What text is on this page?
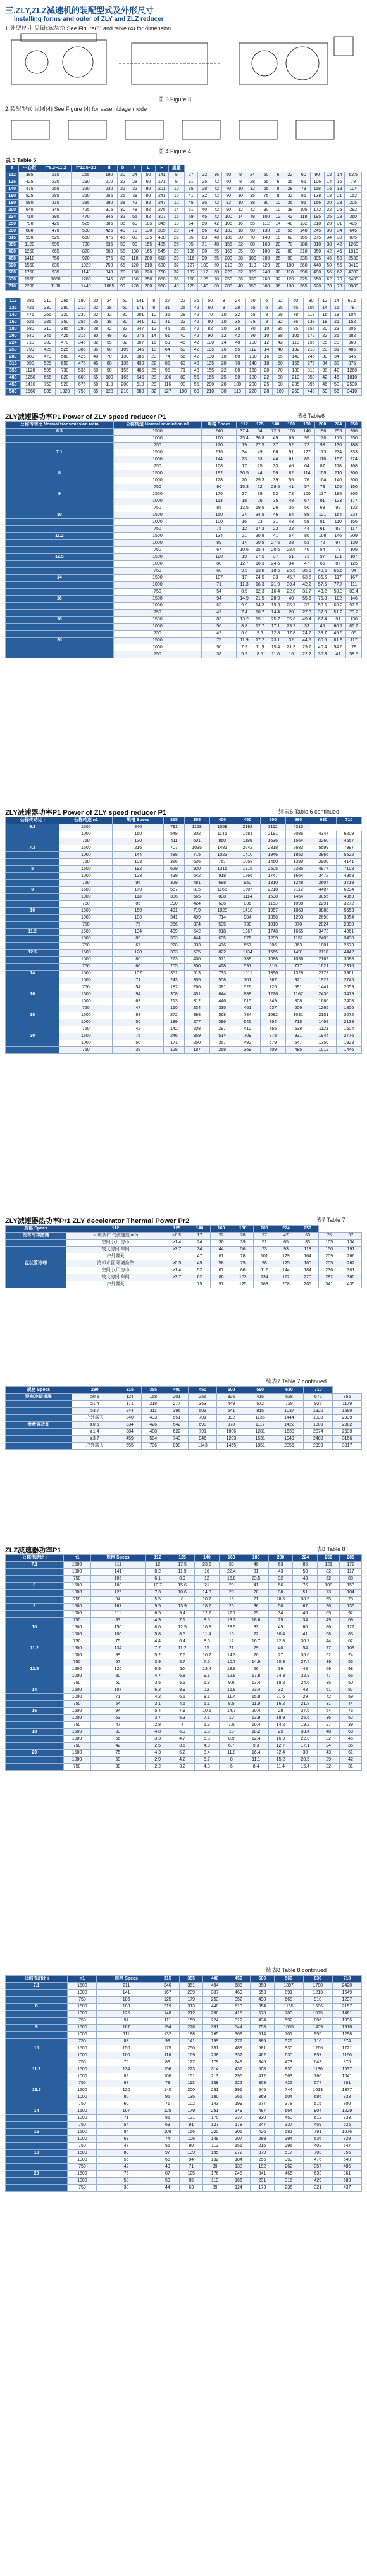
三.ZLY,ZLZ减速机的装配型式及外形尺寸
Installing forms and outer of ZLY and ZLZ reducer
1.外型尺寸 见图(3)表(5) See Figure(3) and table (4) for dimension
图 3 Figure 3
2.装配型式 见图(4) See Figure (4) for assemblage mode
图 4 Figure 4
表 5 Table 5
a	中心距	i=6.3~11.2	i=12.5~20	d	b	t	L	H	重量														
112	385	210	265	190	20	24	50	141	8	27	22	36	50	8	24	50	6	22	60	90	12	14	62.5
125	425	230	290	210	22	28	60	171	8	31	25	42	60	8	28	55	6	25	65	106	14	16	78
140	475	255	320	230	22	32	80	201	10	35	28	42	70	10	32	65	8	28	78	118	16	18	104
160	525	285	350	255	25	38	80	241	10	41	32	42	80	10	35	75	8	32	86	138	18	21	152
180	580	310	385	280	28	42	82	247	12	45	35	42	82	10	38	80	10	35	95	156	20	23	205
200	640	345	425	315	30	48	82	275	14	51	40	42	90	12	42	90	10	38	105	172	22	25	282
224	710	380	470	345	32	55	82	307	16	59	45	42	100	14	48	100	12	42	118	195	25	28	360
250	790	425	525	385	35	60	105	345	18	64	50	42	105	16	55	112	14	48	132	218	28	31	485
280	880	470	580	425	40	70	130	385	20	74	56	42	130	18	60	130	16	55	148	245	30	34	645
315	990	525	650	475	45	80	135	430	22	85	63	48	135	20	70	140	18	60	165	275	34	38	875
355	1120	595	730	535	50	90	155	485	25	95	71	48	155	22	80	160	20	70	188	310	38	42	1260
400	1250	665	820	600	55	100	165	545	28	106	80	55	165	25	90	180	22	80	210	350	42	46	1810
450	1410	750	920	675	60	110	200	610	28	116	90	55	200	28	100	200	25	90	235	395	46	50	2530
500	1560	835	1020	750	65	120	210	680	32	127	100	60	210	30	110	220	28	100	260	440	50	56	3410
560	1750	935	1140	840	70	130	220	760	32	137	112	60	220	32	120	240	30	110	290	490	56	62	4700
630	1960	1050	1280	945	80	150	250	850	36	158	125	70	250	36	130	260	32	120	325	550	62	70	6400
710	2200	1180	1440	1065	90	170	280	960	40	179	140	80	280	40	150	300	36	130	365	620	70	78	9000
112	385	210	265	190	20	24	50	141	8	27	22	36	50	8	24	50	6	22	60	90	12	14	62.5
125	425	230	290	210	22	28	60	171	8	31	25	42	60	8	28	55	6	25	65	106	14	16	78
140	475	255	320	230	22	32	80	201	10	35	28	42	70	10	32	65	8	28	78	118	16	18	104
160	525	285	350	255	25	38	80	241	10	41	32	42	80	10	35	75	8	32	86	138	18	21	152
180	580	310	385	280	28	42	82	247	12	45	35	42	82	10	38	80	10	35	95	156	20	23	205
200	640	345	425	315	30	48	82	275	14	51	40	42	90	12	42	90	10	38	105	172	22	25	282
224	710	380	470	345	32	55	82	307	16	59	45	42	100	14	48	100	12	42	118	195	25	28	360
250	790	425	525	385	35	60	105	345	18	64	50	42	105	16	55	112	14	48	132	218	28	31	485
280	880	470	580	425	40	70	130	385	20	74	56	42	130	18	60	130	16	55	148	245	30	34	645
315	990	525	650	475	45	80	135	430	22	85	63	48	135	20	70	140	18	60	165	275	34	38	875
355	1120	595	730	535	50	90	155	485	25	95	71	48	155	22	80	160	20	70	188	310	38	42	1260
400	1250	665	820	600	55	100	165	545	28	106	80	55	165	25	90	180	22	80	210	350	42	46	1810
450	1410	750	920	675	60	110	200	610	28	116	90	55	200	28	100	200	25	90	235	395	46	50	2530
500	1560	835	1020	750	65	120	210	680	32	127	100	60	210	30	110	220	28	100	260	440	50	56	3410
ZLY减速器功率P1 Power of ZLY speed reducer P1	表6 Table6
公称传动比 Normal transmission ratio	公称转速 Normal revolution n1	规格 Specs	112	125	140	160	180	200	224	250
6.3	1500	240	37.4	54	72.5	100	140	190	255	366
	1000	160	25.4	36.8	49	69	95	130	175	250
	750	120	19	27.5	37	52	72	98	130	188
7.1	1500	216	34	49	66	91	127	173	234	333
	1000	144	23	33	44	61	85	116	157	224
	750	108	17	25	33	46	64	87	118	168
8	1500	192	30.5	44	59	82	114	155	210	300
	1000	128	20	29.3	39	55	76	104	140	200
	750	96	15.3	22	29.5	41	57	78	105	150
9	1500	170	27	39	52	72	100	137	185	265
	1000	113	18	26	35	48	67	91	123	177
	750	85	13.5	19.5	26	36	50	68	92	132
10	1500	150	24	34.5	46	64	89	121	164	234
	1000	100	16	23	31	43	59	81	110	156
	750	75	12	17.3	23	32	44	61	82	117
11.2	1500	134	21	30.8	41	57	80	108	146	209
	1000	89	14	20.5	27.5	38	53	72	97	139
	750	67	10.6	15.4	20.6	28.6	40	54	73	105
12.5	1500	120	19	27.5	37	51	71	97	131	187
	1000	80	12.7	18.3	24.6	34	47	65	87	125
	750	60	9.5	13.8	18.5	25.6	35.6	48.5	65.6	94
14	1500	107	17	24.5	33	45.7	63.5	86.6	117	167
	1000	71	11.3	16.3	21.9	30.4	42.2	57.5	77.7	111
	750	54	8.5	12.3	16.4	22.8	31.7	43.2	58.3	83.4
16	1500	94	14.9	21.5	28.9	40	55.6	75.8	102	146
	1000	63	9.9	14.3	19.3	26.7	37	50.5	68.2	97.6
	750	47	7.4	10.7	14.4	20	27.8	37.9	51.2	73.2
18	1500	83	13.2	19.1	25.7	35.6	49.4	67.4	91	130
	1000	56	8.8	12.7	17.1	23.7	33	45	60.7	86.7
	750	42	6.6	9.5	12.8	17.8	24.7	33.7	45.5	65
20	1500	75	11.9	17.2	23.1	32	44.5	60.6	81.9	117
	1000	50	7.9	11.5	15.4	21.3	29.7	40.4	54.6	78
	750	38	5.9	8.6	11.6	16	22.2	30.3	41	58.5
ZLY减速器功率P1 Power of ZLY speed reducer P1	续表6 Table 6 continued
公称传动比 i	公称转速 n1	规格 Specs	315	355	400	450	500	560	630	710
6.3	1500	240	791	1158	1559	2192	3112	4310		
	1000	160	548	802	1146	1581	2181	2085	4347	6209
	750	120	411	601	860	1186	1636	1564	3260	4657
7.1	1500	216	707	1035	1481	2042	2818	2683	5599	7997
	1000	144	488	715	1023	1410	1946	1853	3866	5522
	750	108	366	536	767	1058	1460	1390	2900	4141
8	1500	192	629	920	1316	1815	2505	2385	4977	7108
	1000	128	439	642	918	1266	1747	1664	3472	4958
	750	96	329	481	688	950	1310	1248	2604	3719
9	1500	170	557	815	1165	1607	2218	2112	4407	6294
	1000	113	386	565	808	1114	1538	1464	3055	4363
	750	85	290	424	606	836	1153	1098	2291	3272
10	1500	150	491	719	1028	1418	1957	1863	3888	5553
	1000	100	341	499	714	984	1358	1293	2698	3854
	750	75	256	374	535	738	1019	970	2024	2890
11.2	1500	134	439	642	918	1267	1748	1665	3473	4961
	1000	89	303	444	635	876	1209	1151	2402	3430
	750	67	228	333	476	657	906	863	1801	2573
12.5	1500	120	393	575	822	1134	1565	1491	3110	4442
	1000	80	273	400	571	788	1088	1036	2162	3088
	750	60	205	300	428	591	816	777	1621	2316
14	1500	107	351	513	733	1011	1396	1329	2773	3961
	1000	71	243	355	508	701	967	921	1922	2745
	750	54	182	266	381	526	725	691	1441	2059
16	1500	94	308	451	644	888	1226	1167	2436	3479
	1000	63	213	312	446	615	849	808	1686	2408
	750	47	160	234	335	461	637	606	1265	1806
18	1500	83	272	398	568	784	1082	1031	2151	3072
	1000	56	189	277	396	546	754	718	1498	2139
	750	42	142	208	297	410	565	538	1123	1604
20	1500	75	246	359	514	709	978	931	1944	2776
	1000	50	171	250	357	492	679	647	1350	1928
	750	38	128	187	268	369	509	485	1012	1446
ZLY减速器热功率Pr1 ZLY decelerator Thermal Power Pr2	表7 Table 7
规格 Specs	112	125	140	160	180	200	224	250		
没有冷却措施	环境条件 气流速度 m/s	≥0.5	17	22	28	37	47	60	76	97
	空间小,厂房小	≥1.4	24	30	39	51	65	83	105	134
	较大房间,车间	≥3.7	34	44	56	73	93	118	150	191
	户外露天		47	61	78	101	129	164	209	266
盘状管冷却	冷却水管 环境条件	≥0.5	45	58	75	98	125	160	205	262
	空间小,厂房小	≥1.4	52	67	86	112	144	184	236	301
	较大房间,车间	≥3.7	62	80	103	134	172	220	282	360
	户外露天		75	97	125	163	208	266	341	435
续表7 Table 7 continued
规格 Specs	280	315	355	400	450	500	560	630	710	
没有冷却措施	≥0.5	124	158	201	256	326	415	528	672	855
	≥1.4	171	218	277	353	449	572	728	926	1179
	≥3.7	244	311	396	503	641	815	1037	1320	1680
	户外露天	340	433	551	701	892	1135	1444	1838	2339
盘状管冷却	≥0.5	334	426	542	690	878	1117	1422	1809	2302
	≥1.4	384	488	622	791	1006	1281	1630	2074	2639
	≥3.7	459	584	743	946	1203	1531	1949	2480	3156
	户外露天	555	706	898	1143	1455	1851	2356	2999	3817
ZLZ减速器功率P1	表8 Table 8
公称传动比 i	n1	规格 Specs	112	125	140	160	180	200	224	250	280
7.1	1500	211	12	17.5	23.6	33	46	63	85	121	172
	1000	141	8.2	11.9	16	22.4	31	43	58	82	117
	750	106	6.1	8.9	12	16.8	23.5	32	43	62	88
8	1500	188	10.7	15.6	21	29	41	56	76	108	153
	1000	125	7.3	10.6	14.3	20	28	38	51	73	104
	750	94	5.5	8	10.7	15	21	28.6	38.5	55	78
9	1500	167	9.5	13.9	18.7	26	36	50	67	96	136
	1000	111	6.5	9.4	12.7	17.7	25	34	46	65	92
	750	83	4.9	7.1	9.5	13.3	18.6	25	34	49	69
10	1500	150	8.6	12.5	16.8	23.5	33	45	60	86	122
	1000	100	5.8	8.5	11.4	16	22	30.4	41	58	83
	750	75	4.4	6.4	8.6	12	16.7	22.8	30.7	44	62
11.2	1500	134	7.7	11.2	15	21	29	40	54	77	109
	1000	89	5.2	7.6	10.2	14.3	20	27	36.6	52	74
	750	67	3.9	5.7	7.6	10.7	14.9	20.3	27.4	39	56
12.5	1500	120	6.9	10	13.4	18.8	26	36	48	69	98
	1000	80	4.7	6.8	9.1	12.8	17.8	24.3	32.8	47	66
	750	60	3.5	5.1	6.8	9.6	13.4	18.2	24.6	35	50
14	1500	107	6.2	8.9	12	16.8	23.4	32	43	61	87
	1000	71	4.2	6.1	8.1	11.4	15.8	21.6	29	42	59
	750	54	3.1	4.5	6.1	8.5	11.9	16.2	21.8	31	44
16	1500	94	5.4	7.8	10.5	14.7	20.4	28	37.6	54	76
	1000	63	3.7	5.3	7.1	10	13.9	18.9	25.5	36	52
	750	47	2.8	4	5.3	7.5	10.4	14.2	19.2	27	39
18	1500	83	4.8	6.9	9.3	13	18.2	25	33.4	48	68
	1000	56	3.3	4.7	6.3	8.9	12.4	16.9	22.8	32	46
	750	42	2.5	3.6	4.8	6.7	9.3	12.7	17.1	24	35
20	1500	75	4.3	6.2	8.4	11.8	16.4	22.4	30	43	61
	1000	50	2.9	4.2	5.7	8	11.1	15.2	20.5	29	42
	750	38	2.2	3.2	4.3	6	8.4	11.4	15.4	22	31
续表8 Table 8 continued
公称传动比 i	n1	规格 Specs	315	355	400	450	500	560	630	710
7.1	1500	211	246	351	494	688	958	1307	1780	2420
	1000	141	167	239	337	469	653	891	1213	1649
	750	106	125	179	253	352	490	668	910	1237
8	1500	188	219	313	440	613	854	1165	1586	2157
	1000	125	148	212	298	415	578	789	1075	1461
	750	94	111	159	224	312	434	592	806	1096
9	1500	167	194	278	391	544	758	1035	1409	1916
	1000	111	132	188	265	369	514	701	955	1298
	750	83	99	141	199	277	385	526	716	974
10	1500	150	175	250	351	489	681	930	1266	1721
	1000	100	118	169	238	332	462	630	857	1166
	750	75	89	127	179	249	346	473	643	875
11.2	1500	134	156	223	314	437	608	830	1130	1537
	1000	89	106	151	213	296	412	563	766	1041
	750	67	79	113	159	222	309	422	574	781
12.5	1500	120	140	200	281	391	545	744	1013	1377
	1000	80	95	135	190	265	369	504	686	933
	750	60	71	102	143	199	277	378	515	700
14	1500	107	125	179	251	349	487	664	904	1229
	1000	71	85	121	170	237	330	450	612	833
	750	54	63	91	127	178	247	337	459	625
16	1500	94	109	156	220	306	426	581	791	1076
	1000	63	74	106	149	207	289	394	536	729
	750	47	56	80	112	156	216	295	402	547
18	1500	83	97	139	195	272	379	517	703	956
	1000	56	66	94	132	184	256	350	476	648
	750	42	49	71	99	138	192	262	357	486
20	1500	75	87	125	176	245	341	465	633	861
	1000	50	59	85	119	166	231	315	429	583
	750	38	44	63	89	124	173	236	321	437
